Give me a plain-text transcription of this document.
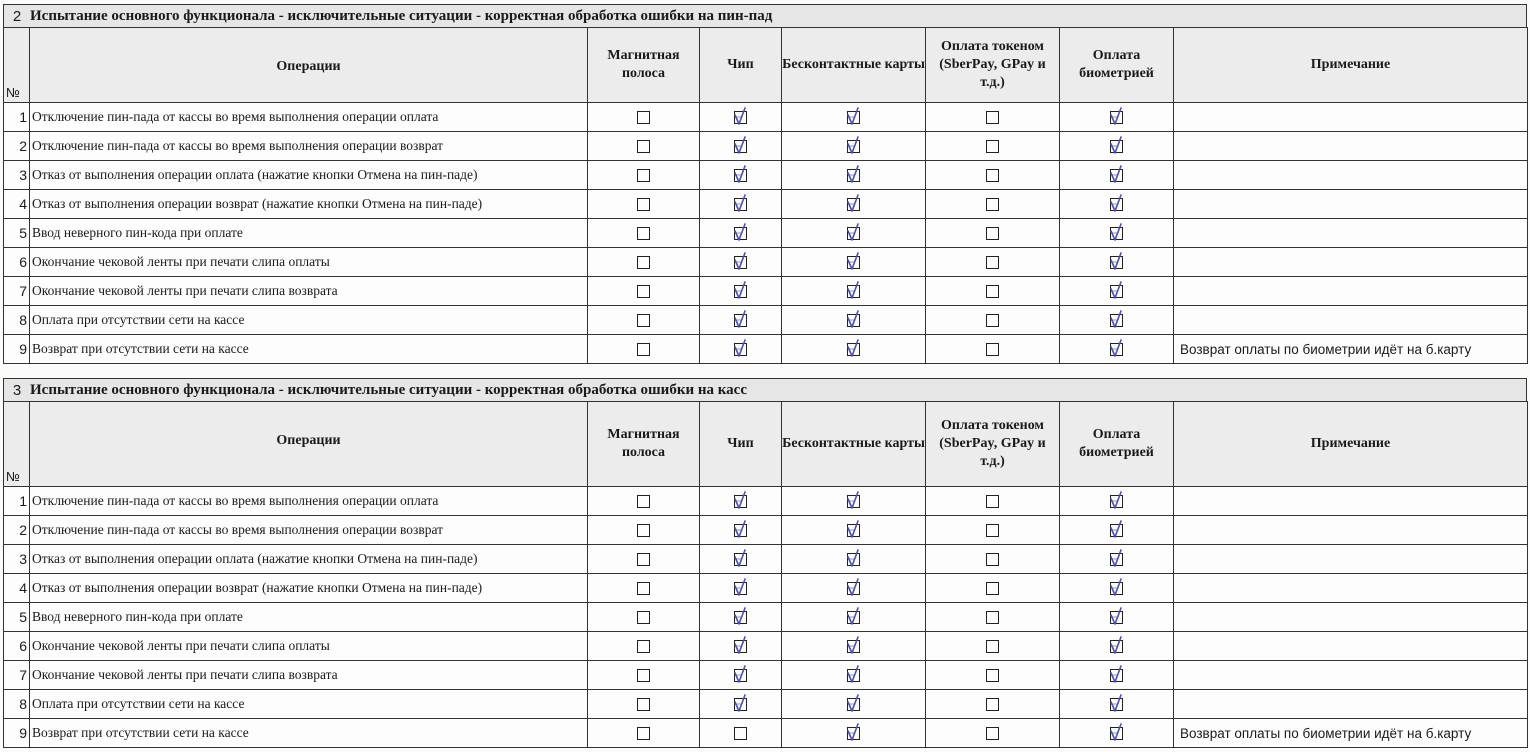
2 Испытание основного функционала - исключительные ситуации - корректная обработка ошибки на пин-пад
№	Операции	Магнитная полоса	Чип	Бесконтактные карты	Оплата токеном (SberPay, GPay и т.д.)	Оплата биометрией	Примечание
1	Отключение пин-пада от кассы во время выполнения операции оплата		

2	Отключение пин-пада от кассы во время выполнения операции возврат		

3	Отказ от выполнения операции оплата (нажатие кнопки Отмена на пин-паде)		

4	Отказ от выполнения операции возврат (нажатие кнопки Отмена на пин-паде)		

5	Ввод неверного пин-кода при оплате		

6	Окончание чековой ленты при печати слипа оплаты		

7	Окончание чековой ленты при печати слипа возврата		

8	Оплата при отсутствии сети на кассе		

9	Возврат при отсутствии сети на кассе						Возврат оплаты по биометрии идёт на б.карту
3 Испытание основного функционала - исключительные ситуации - корректная обработка ошибки на касс
№	Операции	Магнитная полоса	Чип	Бесконтактные карты	Оплата токеном (SberPay, GPay и т.д.)	Оплата биометрией	Примечание
1	Отключение пин-пада от кассы во время выполнения операции оплата		

2	Отключение пин-пада от кассы во время выполнения операции возврат		

3	Отказ от выполнения операции оплата (нажатие кнопки Отмена на пин-паде)		

4	Отказ от выполнения операции возврат (нажатие кнопки Отмена на пин-паде)		

5	Ввод неверного пин-кода при оплате		

6	Окончание чековой ленты при печати слипа оплаты		

7	Окончание чековой ленты при печати слипа возврата		

8	Оплата при отсутствии сети на кассе		

9	Возврат при отсутствии сети на кассе						Возврат оплаты по биометрии идёт на б.карту
